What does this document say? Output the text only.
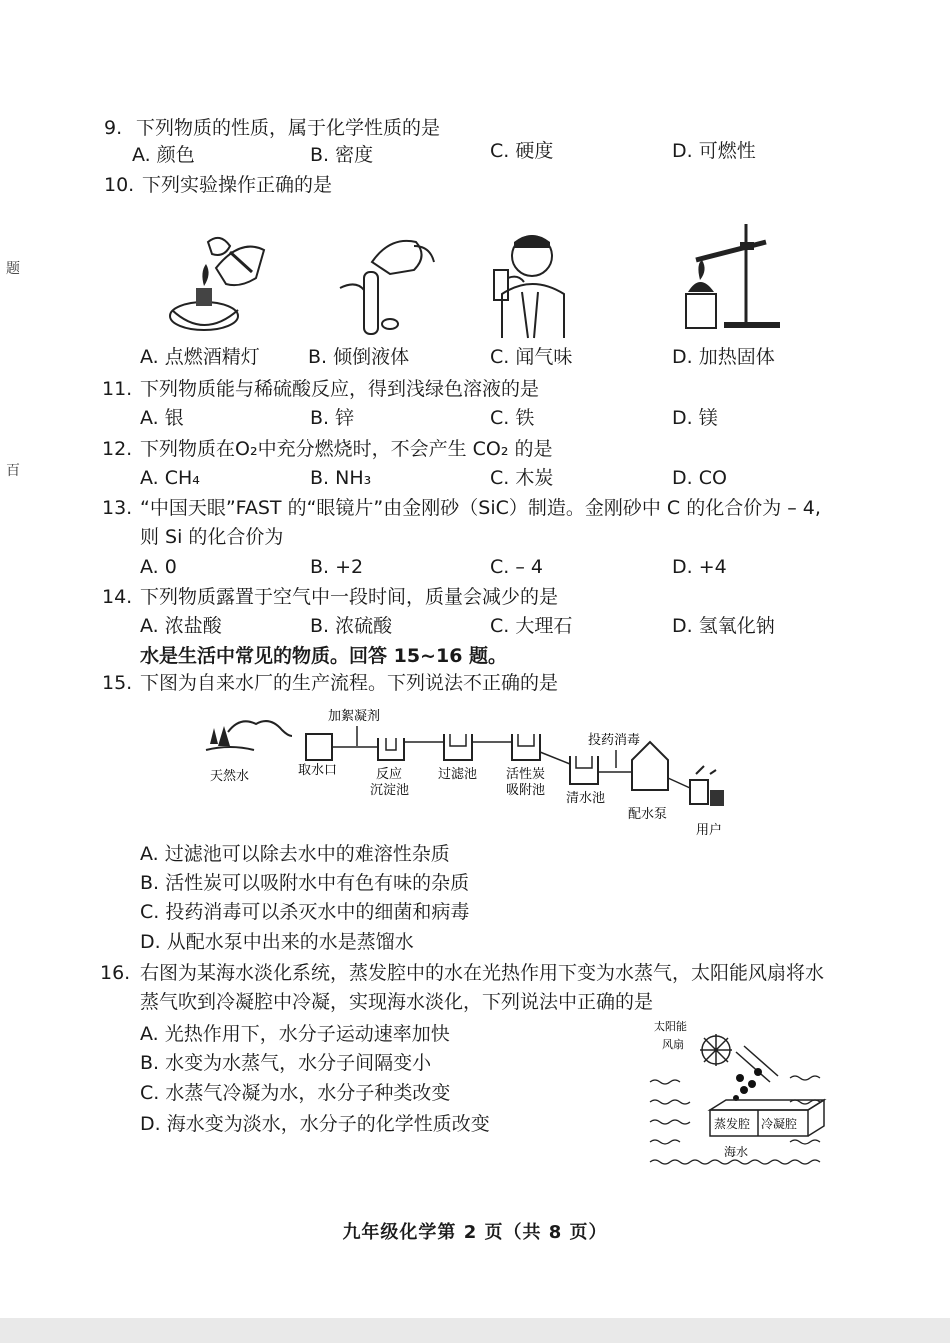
题
百
9. 下列物质的性质，属于化学性质的是
A. 颜色	B. 密度	C. 硬度	D. 可燃性
10. 下列实验操作正确的是
A. 点燃酒精灯	B. 倾倒液体	C. 闻气味	D. 加热固体
11. 下列物质能与稀硫酸反应，得到浅绿色溶液的是
A. 银	B. 锌	C. 铁	D. 镁
12. 下列物质在O₂中充分燃烧时，不会产生 CO₂ 的是
A. CH₄	B. NH₃	C. 木炭	D. CO
13. “中国天眼”FAST 的“眼镜片”由金刚砂（SiC）制造。金刚砂中 C 的化合价为 – 4,
则 Si 的化合价为
A. 0	B. +2	C. – 4	D. +4
14. 下列物质露置于空气中一段时间，质量会减少的是
A. 浓盐酸	B. 浓硫酸	C. 大理石	D. 氢氧化钠
水是生活中常见的物质。回答 15~16 题。
15. 下图为自来水厂的生产流程。下列说法不正确的是
天然水	取水口
加絮凝剂
反应
沉淀池
过滤池 活性炭
吸附池
清水池
投药消毒
配水泵
用户
A. 过滤池可以除去水中的难溶性杂质
B. 活性炭可以吸附水中有色有味的杂质
C. 投药消毒可以杀灭水中的细菌和病毒
D. 从配水泵中出来的水是蒸馏水
16. 右图为某海水淡化系统，蒸发腔中的水在光热作用下变为水蒸气，太阳能风扇将水
蒸气吹到冷凝腔中冷凝，实现海水淡化，下列说法中正确的是
A. 光热作用下，水分子运动速率加快
B. 水变为水蒸气，水分子间隔变小
C. 水蒸气冷凝为水，水分子种类改变
D. 海水变为淡水，水分子的化学性质改变
太阳能
风扇
蒸发腔 冷凝腔
海水
九年级化学第 2 页（共 8 页）
